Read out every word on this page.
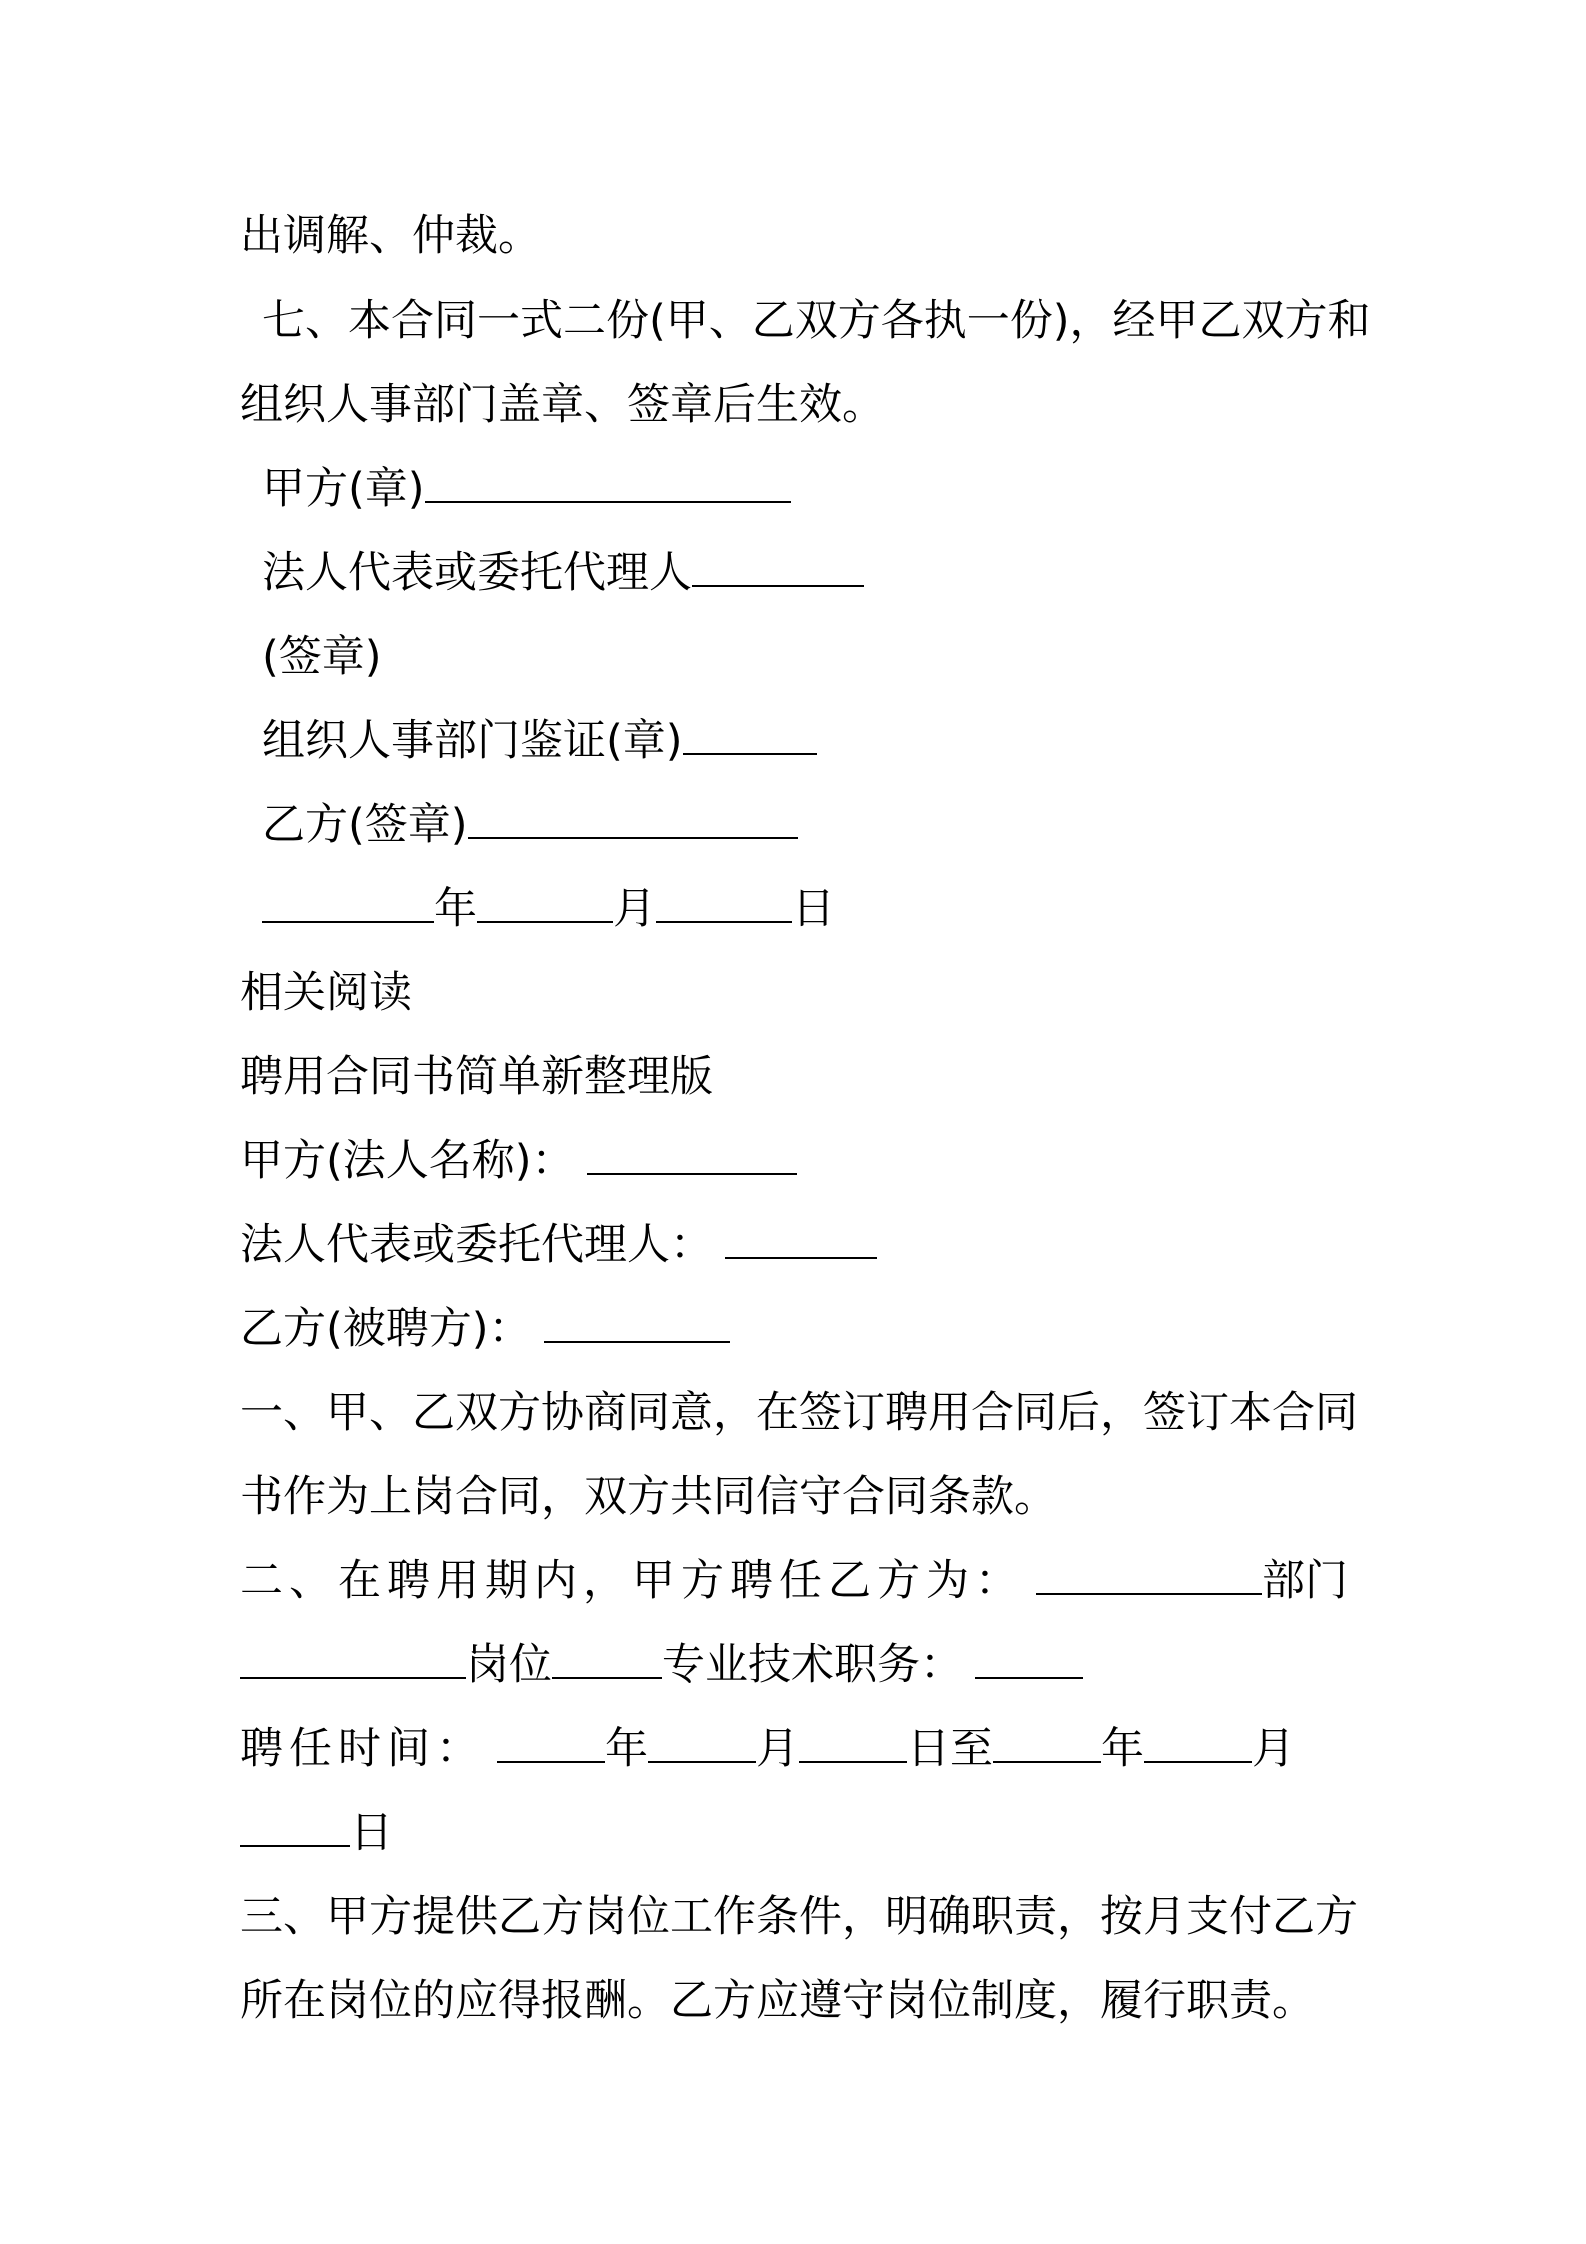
出调解、仲裁。
七、本合同一式二份(甲、乙双方各执一份)，经甲乙双方和
组织人事部门盖章、签章后生效。
甲方(章)
法人代表或委托代理人
(签章)
组织人事部门鉴证(章)
乙方(签章)
年	月	日
相关阅读
聘用合同书简单新整理版
甲方(法人名称)：
法人代表或委托代理人：
乙方(被聘方)：
一、甲、乙双方协商同意，在签订聘用合同后，签订本合同
书作为上岗合同，双方共同信守合同条款。
二、在聘用期内，甲方聘任乙方为：	部门
岗位	专业技术职务：
聘任时间：	年	月	日至	年	月
日
三、甲方提供乙方岗位工作条件，明确职责，按月支付乙方
所在岗位的应得报酬。乙方应遵守岗位制度，履行职责。
